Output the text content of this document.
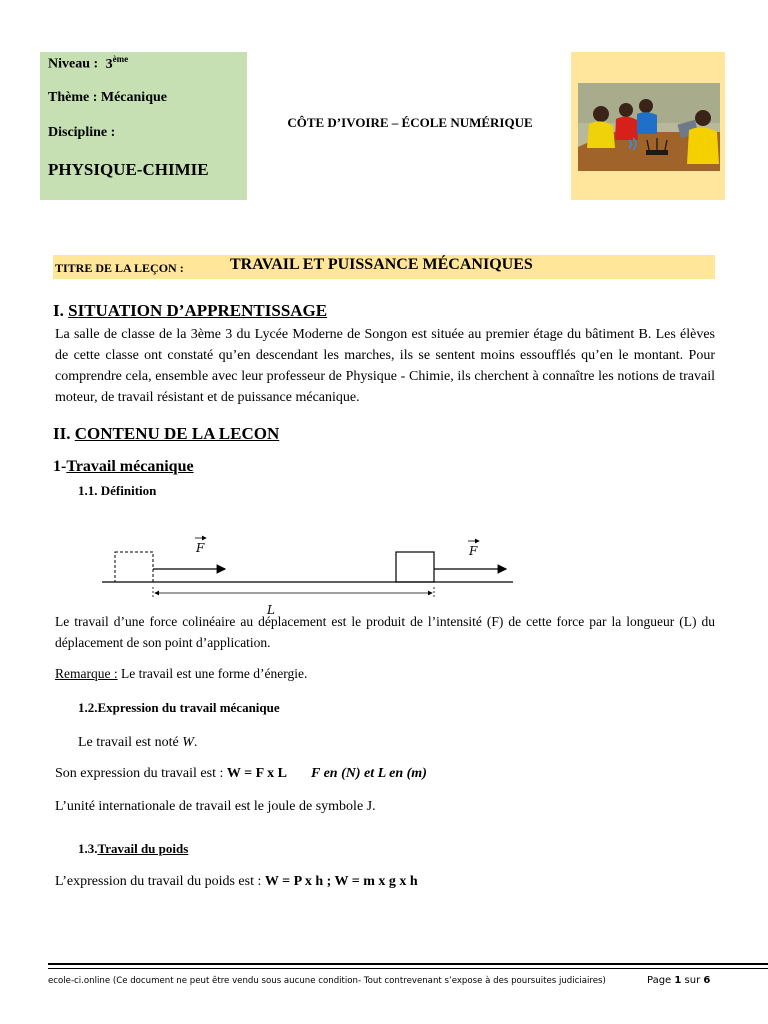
Niveau : 3ème
Thème : Mécanique
Discipline :
PHYSIQUE-CHIMIE
CÔTE D’IVOIRE – ÉCOLE NUMÉRIQUE
TITRE DE LA LEÇON :	TRAVAIL ET PUISSANCE MÉCANIQUES
I. SITUATION D’APPRENTISSAGE
La salle de classe de la 3ème 3 du Lycée Moderne de Songon est située au premier étage du bâtiment B. Les élèves de cette classe ont constaté qu’en descendant les marches, ils se sentent moins essoufflés qu’en le montant. Pour comprendre cela, ensemble avec leur professeur de Physique - Chimie, ils cherchent à connaître les notions de travail moteur, de travail résistant et de puissance mécanique.
II. CONTENU DE LA LECON
1-Travail mécanique
1.1. Définition
F	F
L
Le travail d’une force colinéaire au déplacement est le produit de l’intensité (F) de cette force par la longueur (L) du déplacement de son point d’application.
Remarque : Le travail est une forme d’énergie.
1.2.Expression du travail mécanique
Le travail est noté W.
Son expression du travail est : W = F x L F en (N) et L en (m)
L’unité internationale de travail est le joule de symbole J.
1.3.Travail du poids
L’expression du travail du poids est : W = P x h ; W = m x g x h
ecole-ci.online (Ce document ne peut être vendu sous aucune condition- Tout contrevenant s’expose à des poursuites judiciaires)	Page 1 sur 6
